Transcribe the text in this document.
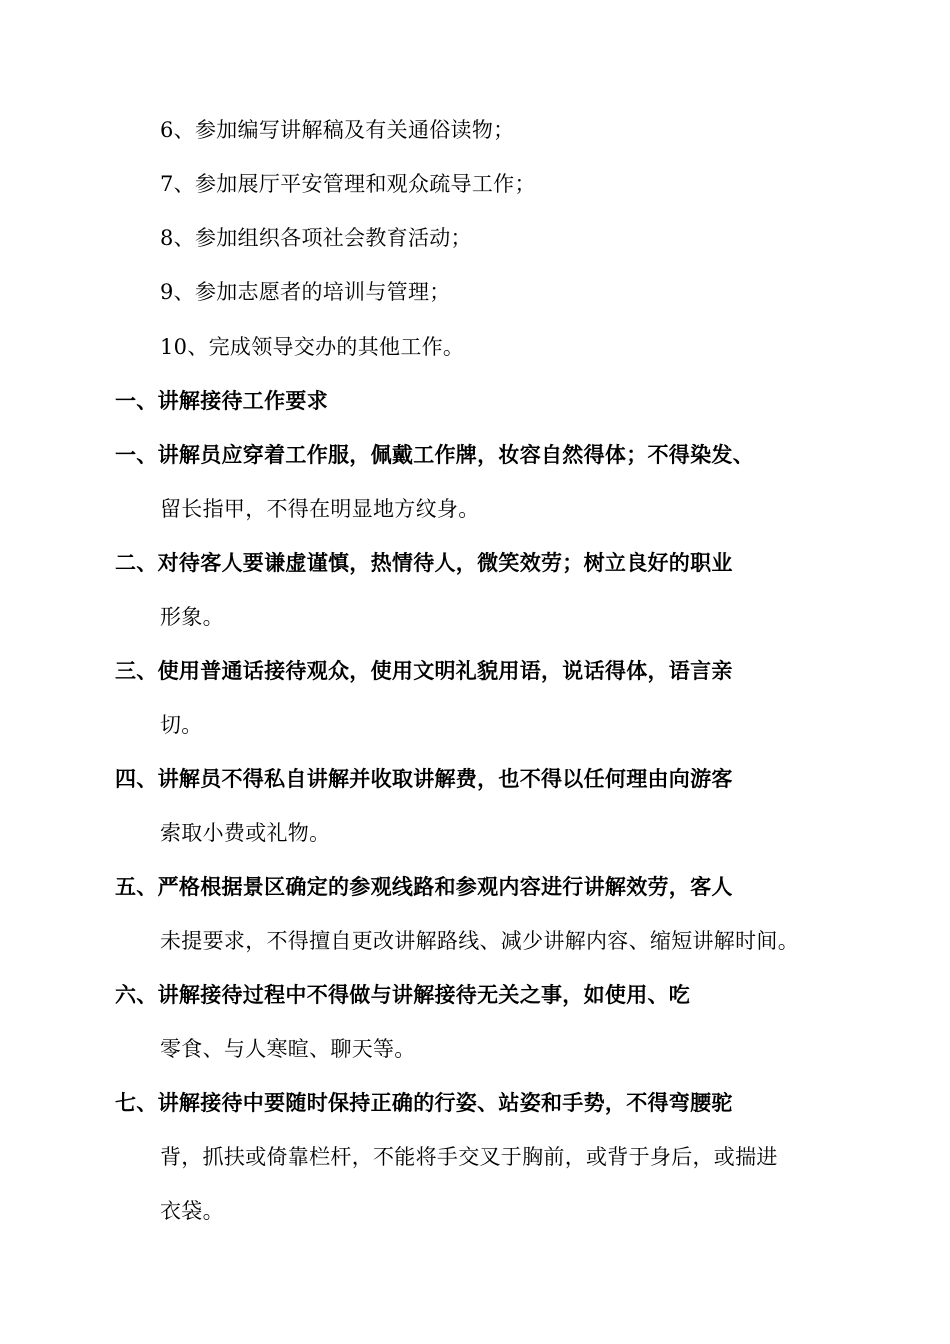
6、参加编写讲解稿及有关通俗读物；
7、参加展厅平安管理和观众疏导工作；
8、参加组织各项社会教育活动；
9、参加志愿者的培训与管理；
10、完成领导交办的其他工作。
一、讲解接待工作要求
一、讲解员应穿着工作服，佩戴工作牌，妆容自然得体；不得染发、
留长指甲，不得在明显地方纹身。
二、对待客人要谦虚谨慎，热情待人，微笑效劳；树立良好的职业
形象。
三、使用普通话接待观众，使用文明礼貌用语，说话得体，语言亲
切。
四、讲解员不得私自讲解并收取讲解费，也不得以任何理由向游客
索取小费或礼物。
五、严格根据景区确定的参观线路和参观内容进行讲解效劳，客人
未提要求，不得擅自更改讲解路线、减少讲解内容、缩短讲解时间。
六、讲解接待过程中不得做与讲解接待无关之事，如使用、吃
零食、与人寒暄、聊天等。
七、讲解接待中要随时保持正确的行姿、站姿和手势，不得弯腰驼
背，抓扶或倚靠栏杆，不能将手交叉于胸前，或背于身后，或揣进
衣袋。
